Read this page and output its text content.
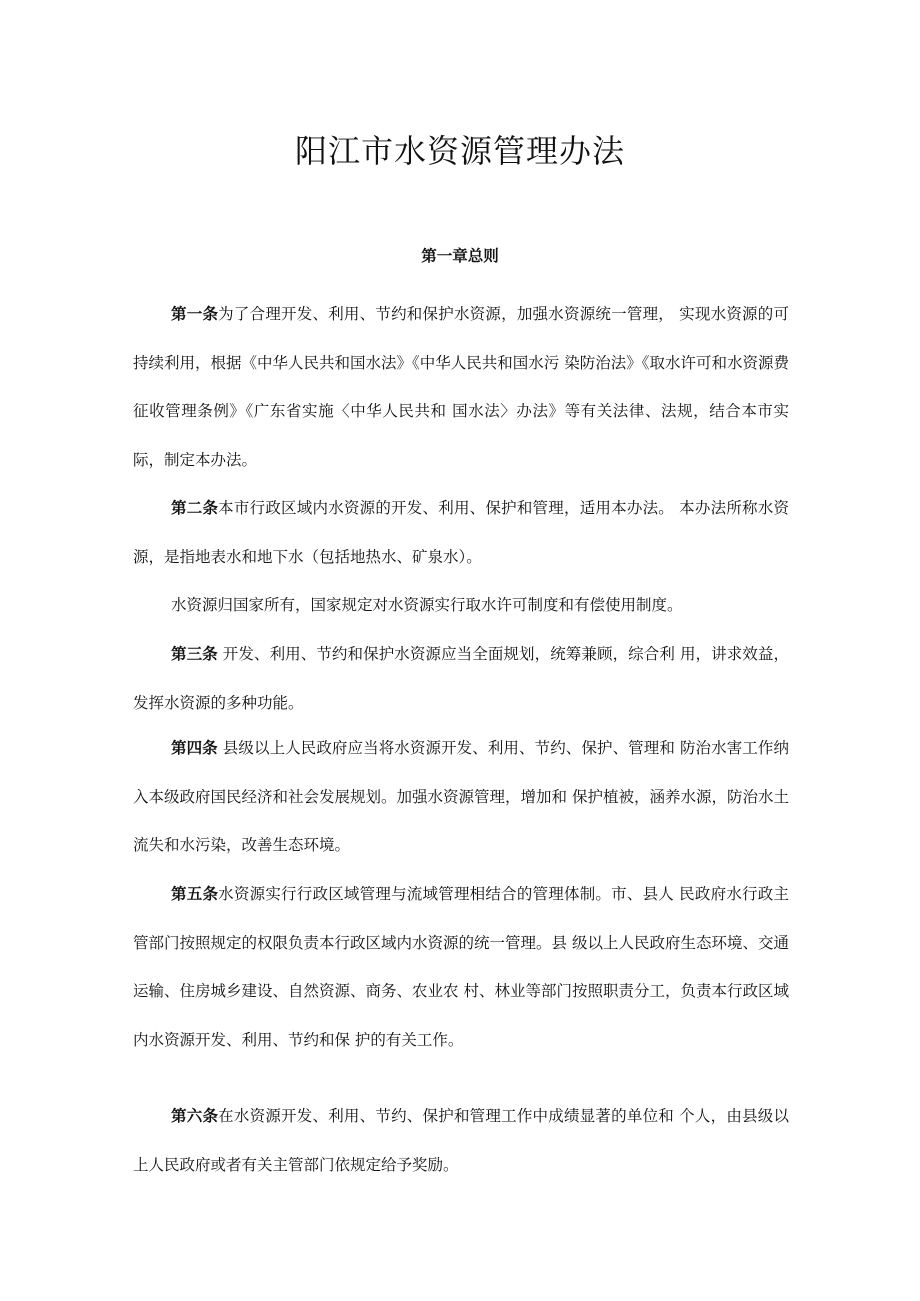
阳江市水资源管理办法
第一章总则

第一条为了合理开发、利用、节约和保护水资源，加强水资源统一管理， 实现水资源的可持续利用，根据《中华人民共和国水法》《中华人民共和国水污 染防治法》《取水许可和水资源费征收管理条例》《广东省实施〈中华人民共和 国水法〉办法》等有关法律、法规，结合本市实际，制定本办法。

第二条本市行政区域内水资源的开发、利用、保护和管理，适用本办法。 本办法所称水资源，是指地表水和地下水（包括地热水、矿泉水）。

水资源归国家所有，国家规定对水资源实行取水许可制度和有偿使用制度。

第三条 开发、利用、节约和保护水资源应当全面规划，统筹兼顾，综合利 用，讲求效益，发挥水资源的多种功能。

第四条 县级以上人民政府应当将水资源开发、利用、节约、保护、管理和 防治水害工作纳入本级政府国民经济和社会发展规划。加强水资源管理，增加和 保护植被，涵养水源，防治水土流失和水污染，改善生态环境。

第五条水资源实行行政区域管理与流域管理相结合的管理体制。市、县人 民政府水行政主管部门按照规定的权限负责本行政区域内水资源的统一管理。县 级以上人民政府生态环境、交通运输、住房城乡建设、自然资源、商务、农业农 村、林业等部门按照职责分工，负责本行政区域内水资源开发、利用、节约和保 护的有关工作。

第六条在水资源开发、利用、节约、保护和管理工作中成绩显著的单位和 个人，由县级以上人民政府或者有关主管部门依规定给予奖励。
